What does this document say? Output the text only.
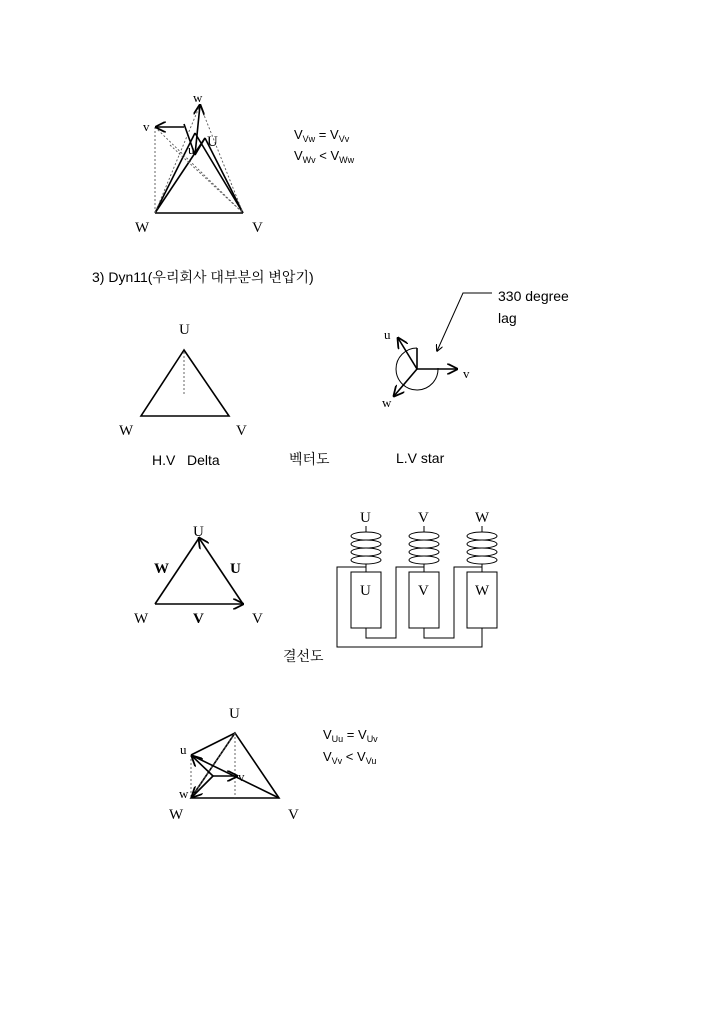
w
v
u U
W	V
$V_{Vw} = V_{Vv}$
$V_{Wv} < V_{Ww}$
3) Dyn11(우리회사 대부분의 변압기)
U
W	V
H.V   Delta	벡터도
u
v
w
330 degree
lag
L.V star
U
W	V
W	U
V
U	V	W
U	V	W
결선도
U
u
v
w
W	V
$V_{Uu} = V_{Uv}$
$V_{Vv} < V_{Vu}$
